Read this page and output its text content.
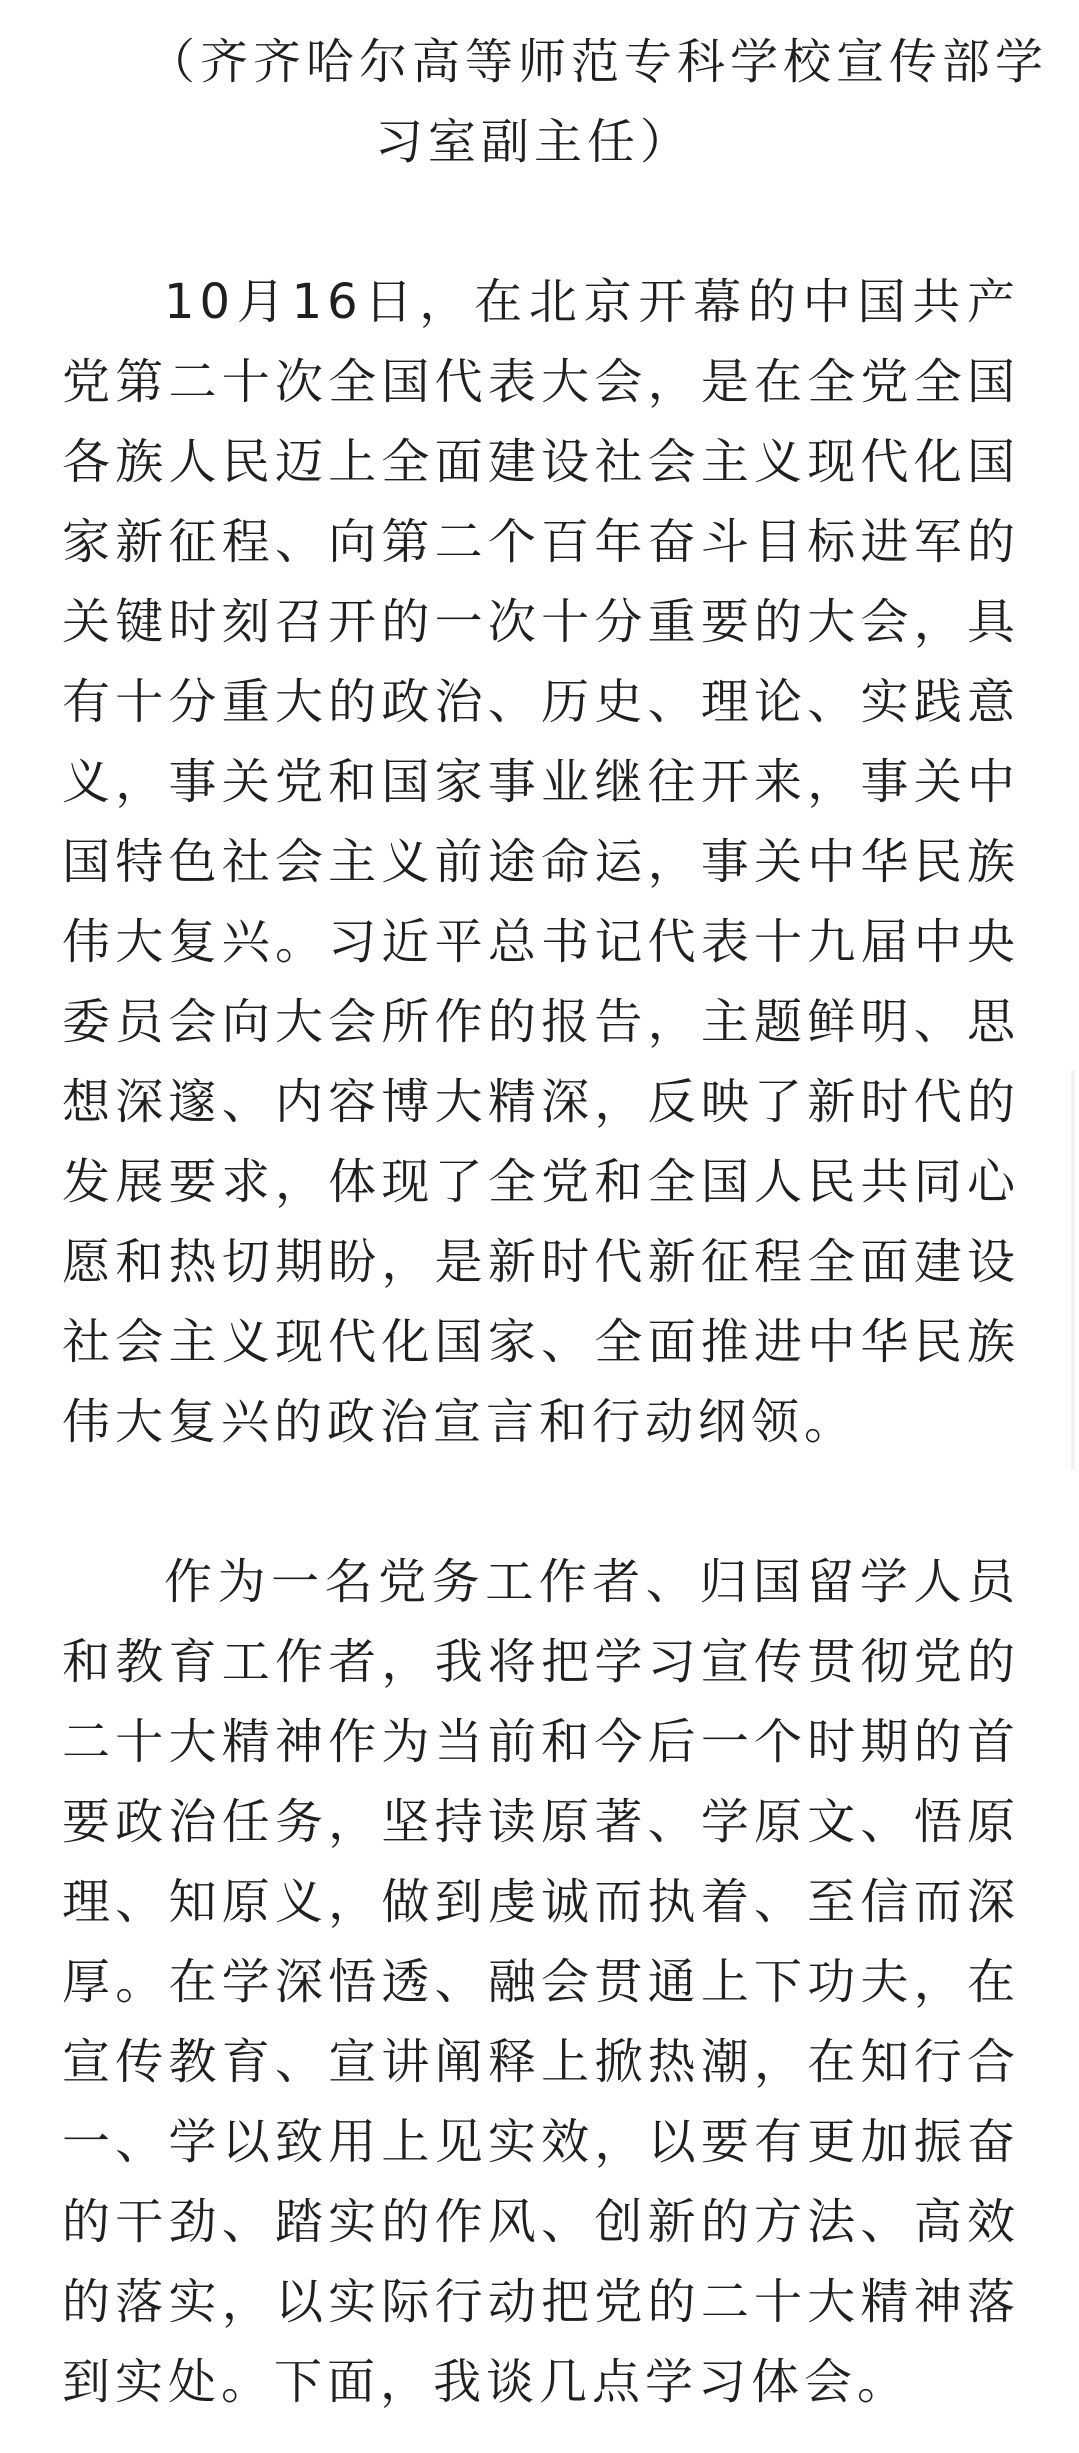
（齐齐哈尔高等师范专科学校宣传部学
习室副主任）

10月16日，在北京开幕的中国共产党第二十次全国代表大会，是在全党全国各族人民迈上全面建设社会主义现代化国家新征程、向第二个百年奋斗目标进军的关键时刻召开的一次十分重要的大会，具有十分重大的政治、历史、理论、实践意义，事关党和国家事业继往开来，事关中国特色社会主义前途命运，事关中华民族伟大复兴。习近平总书记代表十九届中央委员会向大会所作的报告，主题鲜明、思想深邃、内容博大精深，反映了新时代的发展要求，体现了全党和全国人民共同心愿和热切期盼，是新时代新征程全面建设社会主义现代化国家、全面推进中华民族伟大复兴的政治宣言和行动纲领。

作为一名党务工作者、归国留学人员和教育工作者，我将把学习宣传贯彻党的二十大精神作为当前和今后一个时期的首要政治任务，坚持读原著、学原文、悟原理、知原义，做到虔诚而执着、至信而深厚。在学深悟透、融会贯通上下功夫，在宣传教育、宣讲阐释上掀热潮，在知行合一、学以致用上见实效，以要有更加振奋的干劲、踏实的作风、创新的方法、高效的落实，以实际行动把党的二十大精神落到实处。下面，我谈几点学习体会。
